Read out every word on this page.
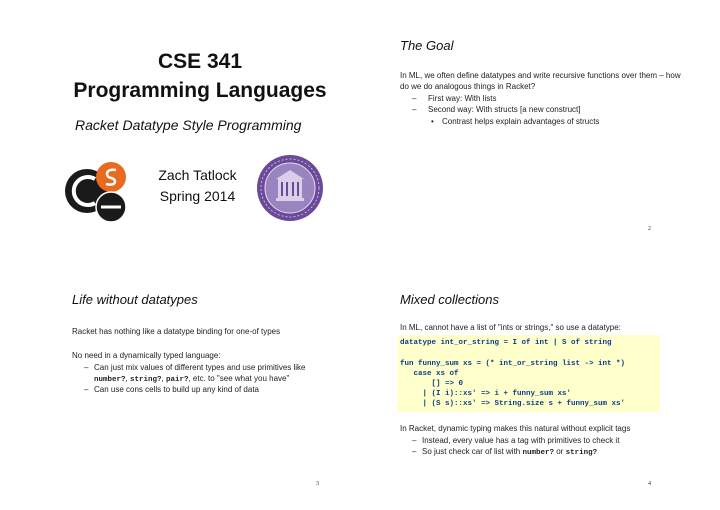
CSE 341
Programming Languages
Racket Datatype Style Programming
Zach Tatlock
Spring 2014
The Goal
In ML, we often define datatypes and write recursive functions over them – how do we do analogous things in Racket?
– First way: With lists
– Second way: With structs [a new construct]
• Contrast helps explain advantages of structs
2
Life without datatypes
Racket has nothing like a datatype binding for one-of types
No need in a dynamically typed language:
– Can just mix values of different types and use primitives like
number?, string?, pair?, etc. to "see what you have"
– Can use cons cells to build up any kind of data
3
Mixed collections
In ML, cannot have a list of "ints or strings," so use a datatype:
datatype int_or_string = I of int | S of string
fun funny_sum xs = (* int_or_string list -> int *)
case xs of
[] => 0
| (I i)::xs' => i + funny_sum xs'
| (S s)::xs' => String.size s + funny_sum xs'
In Racket, dynamic typing makes this natural without explicit tags
– Instead, every value has a tag with primitives to check it
– So just check car of list with number? or string?
4
